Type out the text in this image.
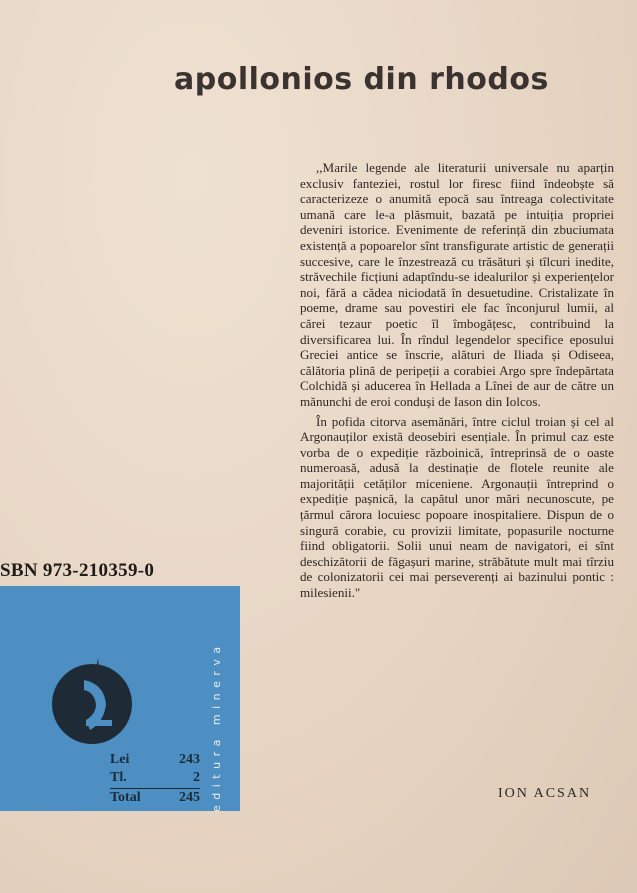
apollonios din rhodos

,,Marile legende ale literaturii universale nu aparțin exclusiv fanteziei, rostul lor firesc fiind îndeobște să caracterizeze o anumită epocă sau întreaga colectivitate umană care le-a plăsmuit, bazată pe intuiția propriei deveniri istorice. Evenimente de referință din zbuciumata existență a popoarelor sînt transfigurate artistic de generații succesive, care le înzestrează cu trăsături și tîlcuri inedite, străvechile ficțiuni adaptîndu-se idealurilor și experiențelor noi, fără a cădea niciodată în desuetudine. Cristalizate în poeme, drame sau povestiri ele fac înconjurul lumii, al cărei tezaur poetic îl îmbogățesc, contribuind la diversificarea lui. În rîndul legendelor specifice eposului Greciei antice se înscrie, alături de Iliada și Odiseea, călătoria plină de peripeții a corabiei Argo spre îndepărtata Colchidă și aducerea în Hellada a Lînei de aur de către un mănunchi de eroi conduși de Iason din Iolcos.

În pofida citorva asemănări, între ciclul troian și cel al Argonauților există deosebiri esențiale. În primul caz este vorba de o expediție războinică, întreprinsă de o oaste numeroasă, adusă la destinație de flotele reunite ale majorității cetăților miceniene. Argonauții întreprind o expediție pașnică, la capătul unor mări necunoscute, pe țărmul cărora locuiesc popoare inospitaliere. Dispun de o singură corabie, cu provizii limitate, popasurile nocturne fiind obligatorii. Solii unui neam de navigatori, ei sînt deschizătorii de făgașuri marine, străbătute mult mai tîrziu de colonizatorii cei mai perseverenți ai bazinului pontic : milesienii."

ION ACSAN
SBN 973-210359-0
editura minerva
Lei	243
Tl.	2
Total	245
